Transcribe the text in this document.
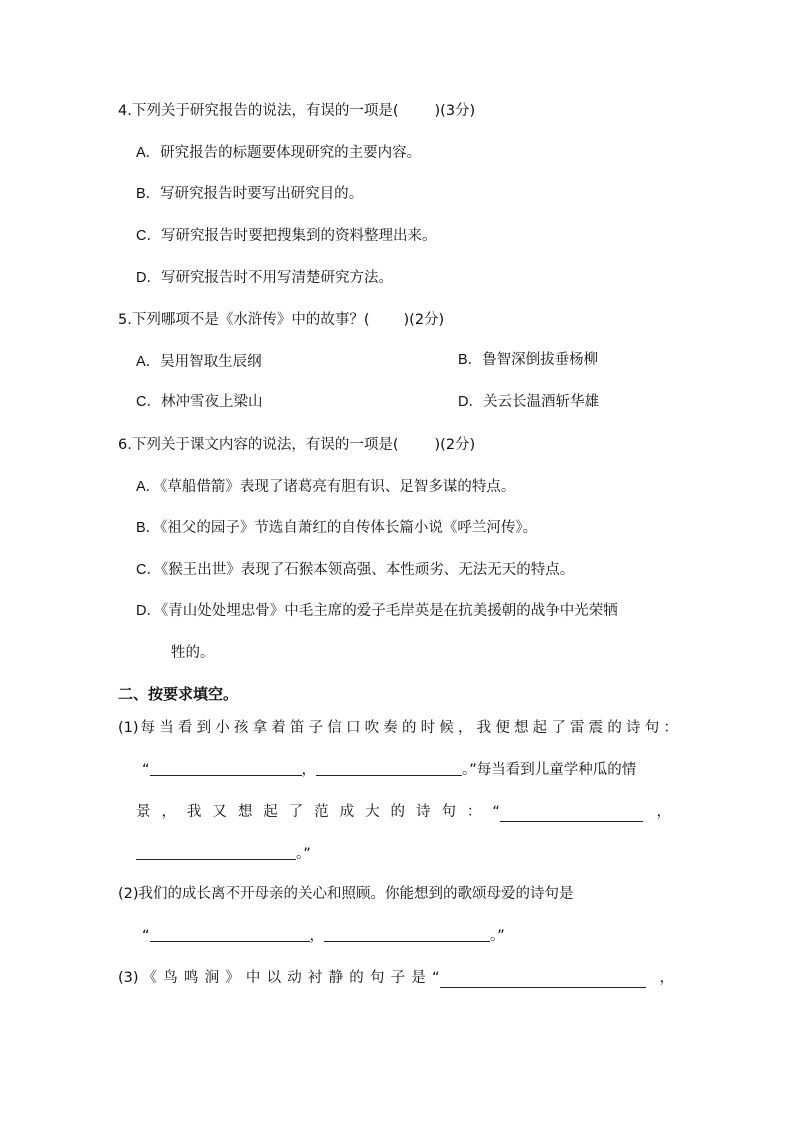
4.下列关于研究报告的说法，有误的一项是( )(3分)
A．研究报告的标题要体现研究的主要内容。
B．写研究报告时要写出研究目的。
C．写研究报告时要把搜集到的资料整理出来。
D．写研究报告时不用写清楚研究方法。
5.下列哪项不是《水浒传》中的故事？( )(2分)
A．吴用智取生辰纲	B．鲁智深倒拔垂杨柳
C．林冲雪夜上梁山	D．关云长温酒斩华雄
6.下列关于课文内容的说法，有误的一项是( )(2分)
A．《草船借箭》表现了诸葛亮有胆有识、足智多谋的特点。
B．《祖父的园子》节选自萧红的自传体长篇小说《呼兰河传》。
C．《猴王出世》表现了石猴本领高强、本性顽劣、无法无天的特点。
D．《青山处处埋忠骨》中毛主席的爱子毛岸英是在抗美援朝的战争中光荣牺
牲的。
二、按要求填空。
(1) 每 当 看 到 小 孩 拿 着 笛 子 信 口 吹 奏 的 时 候 ， 我 便 想 起 了 雷 震 的 诗 句 ：
“	，	。”每当看到儿童学种瓜的情
景 ， 我 又 想 起 了 范 成 大 的 诗 句 ： “	，
。”
(2)我们的成长离不开母亲的关心和照顾。你能想到的歌颂母爱的诗句是
“	，	。”
(3) 《 鸟 鸣 涧 》 中 以 动 衬 静 的 句 子 是 “	，
